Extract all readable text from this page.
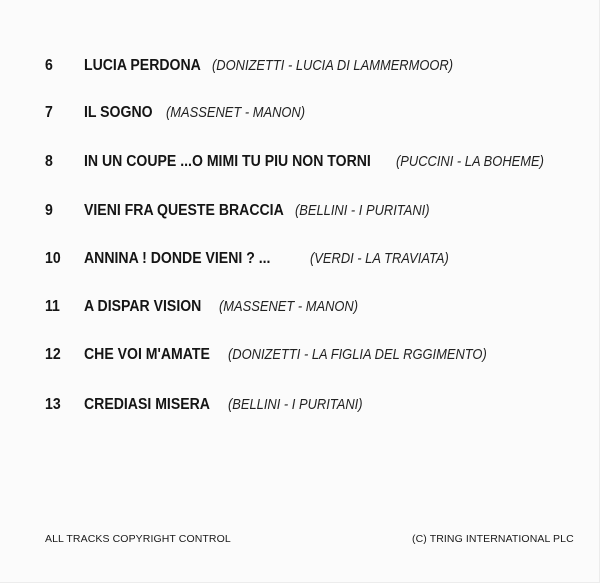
6 LUCIA PERDONA (DONIZETTI - LUCIA DI LAMMERMOOR)
7 IL SOGNO (MASSENET - MANON)
8 IN UN COUPE ...O MIMI TU PIU NON TORNI (PUCCINI - LA BOHEME)
9 VIENI FRA QUESTE BRACCIA (BELLINI - I PURITANI)
10 ANNINA ! DONDE VIENI ? ...	(VERDI - LA TRAVIATA)
11 A DISPAR VISION (MASSENET - MANON)
12 CHE VOI M'AMATE (DONIZETTI - LA FIGLIA DEL RGGIMENTO)
13 CREDIASI MISERA (BELLINI - I PURITANI)
ALL TRACKS COPYRIGHT CONTROL	(C) TRING INTERNATIONAL PLC
